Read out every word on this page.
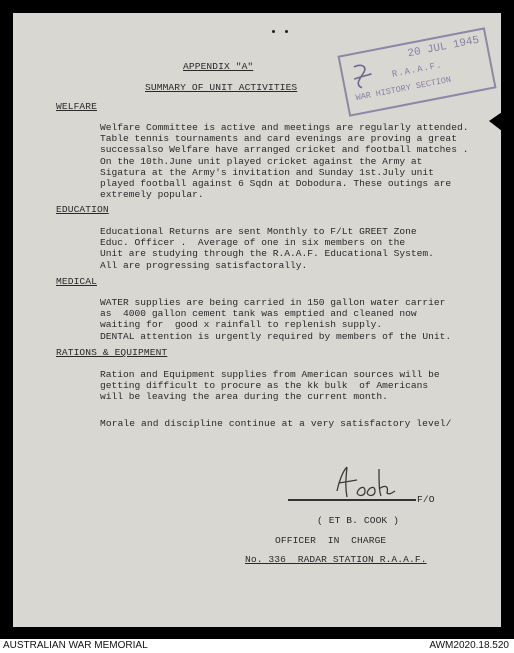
APPENDIX "A"
SUMMARY OF UNIT ACTIVITIES
WELFARE
Welfare Committee is active and meetings are regularly attended.
Table tennis tournaments and card evenings are proving a great
successalso Welfare have arranged cricket and football matches .
On the 10th.June unit played cricket against the Army at
Sigatura at the Army's invitation and Sunday 1st.July unit
played football against 6 Sqdn at Dobodura. These outings are
extremely popular.
EDUCATION
Educational Returns are sent Monthly to F/Lt GREET Zone
Educ. Officer .  Average of one in six members on the
Unit are studying through the R.A.A.F. Educational System.
All are progressing satisfactorally.
MEDICAL
WATER supplies are being carried in 150 gallon water carrier
as  4000 gallon cement tank was emptied and cleaned now
waiting for  good x rainfall to replenish supply.
DENTAL attention is urgently required by members of the Unit.
RATIONS & EQUIPMENT
Ration and Equipment supplies from American sources will be
getting difficult to procure as the kk bulk  of Americans
will be leaving the area during the current month.
Morale and discipline continue at a very satisfactory level/
F/O
( ET B. COOK )
OFFICER  IN  CHARGE
No. 336  RADAR STATION R.A.A.F.
20 JUL 1945
R.A.A.F.
WAR HISTORY SECTION
AUSTRALIAN WAR MEMORIAL	AWM2020.18.520
